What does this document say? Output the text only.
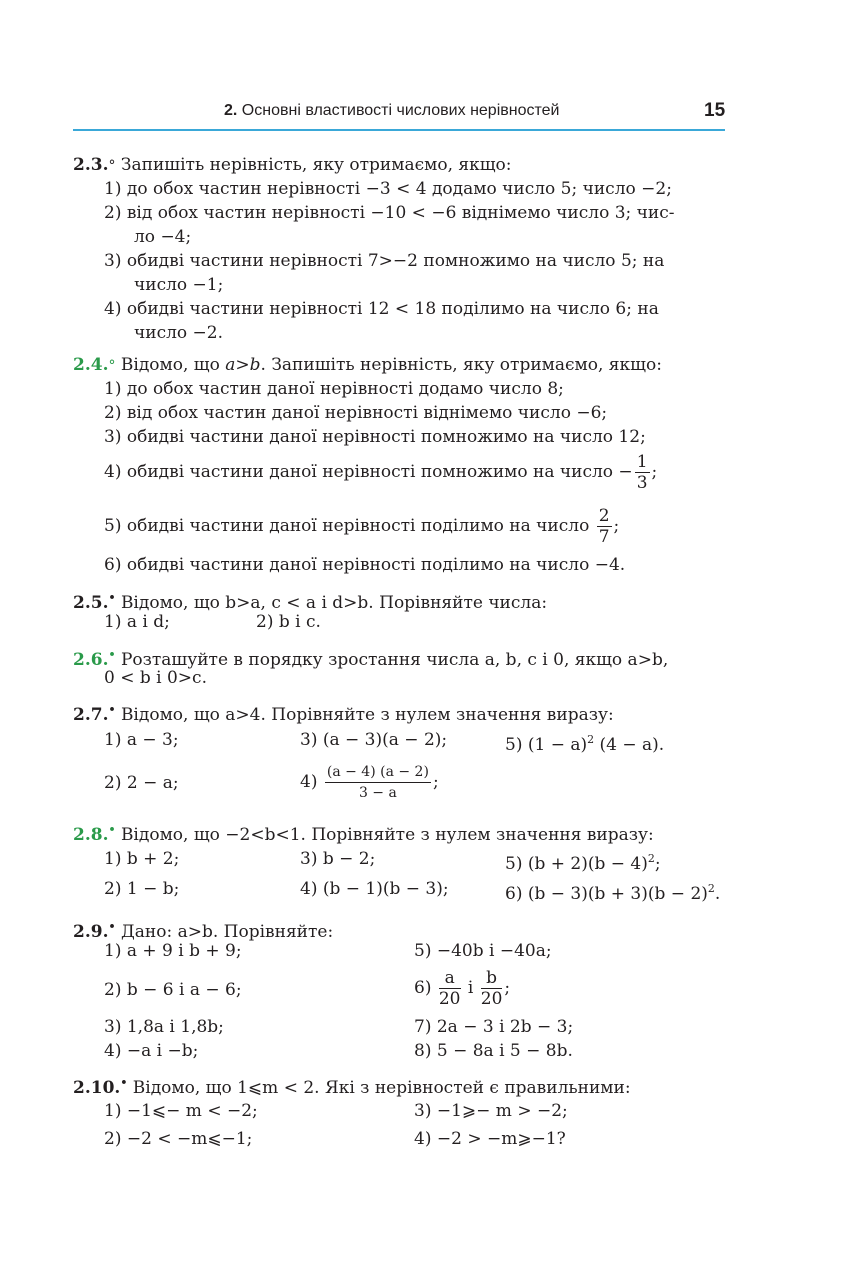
2. Основні властивості числових нерівностей	15
2.3.° Запишіть нерівність, яку отримаємо, якщо:
1) до обох частин нерівності −3 < 4 додамо число 5; число −2;
2) від обох частин нерівності −10 < −6 віднімемо число 3; чис-
ло −4;
3) обидві частини нерівності 7>−2 помножимо на число 5; на
число −1;
4) обидві частини нерівності 12 < 18 поділимо на число 6; на
число −2.
2.4.° Відомо, що a>b. Запишіть нерівність, яку отримаємо, якщо:
1) до обох частин даної нерівності додамо число 8;
2) від обох частин даної нерівності віднімемо число −6;
3) обидві частини даної нерівності помножимо на число 12;
4) обидві частини даної нерівності помножимо на число − $\frac{1}{3}$ ;
5) обидві частини даної нерівності поділимо на число $\frac{2}{7}$ ;
6) обидві частини даної нерівності поділимо на число −4.
2.5.• Відомо, що b>a, c < a і d>b. Порівняйте числа:
1) a і d;	2) b і c.
2.6.• Розташуйте в порядку зростання числа a, b, c і 0, якщо a>b,
0 < b і 0>c.
2.7.• Відомо, що a>4. Порівняйте з нулем значення виразу:
1) a − 3;	3) (a − 3)(a − 2);	5) $(1 - a)^2$ (4 − a).
2) 2 − a;	$4) \frac{(a - 4) (a - 2)}{3 - a}$ ;
2.8.• Відомо, що −2<b<1. Порівняйте з нулем значення виразу:
1) b + 2;	3) b − 2;	5) $(b + 2)(b - 4)^2$;
2) 1 − b;	4) (b − 1)(b − 3);	6) $(b - 3)(b + 3)(b - 2)^2$.
2.9.• Дано: a>b. Порівняйте:
1) a + 9 і b + 9;	5) −40b і −40a;
2) b − 6 і a − 6;	$6) \frac{a}{20}$ і $\frac{b}{20}$ ;
3) 1,8a і 1,8b;	7) 2a − 3 і 2b − 3;
4) −a і −b;	8) 5 − 8a і 5 − 8b.
2.10.• Відомо, що 1⩽m < 2. Які з нерівностей є правильними:
1) −1⩽− m < −2;	3) −1⩾− m > −2;
2) −2 < −m⩽−1;	4) −2 > −m⩾−1?
